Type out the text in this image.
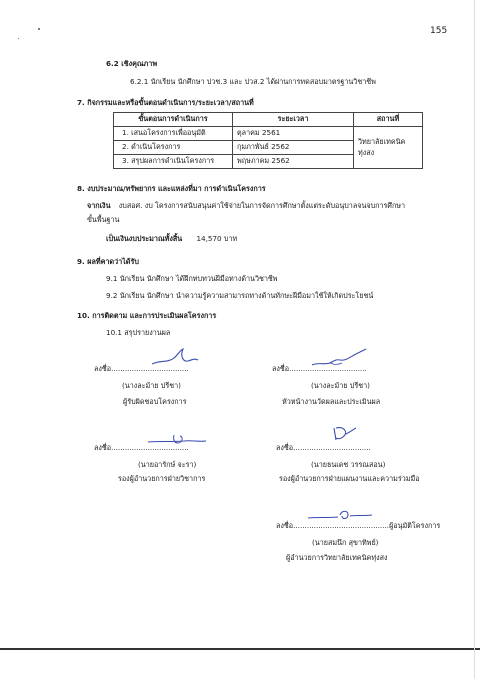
155
6.2 เชิงคุณภาพ
6.2.1 นักเรียน นักศึกษา ปวช.3 และ ปวส.2 ได้ผ่านการทดสอบมาตรฐานวิชาชีพ
7. กิจกรรมและหรือขั้นตอนดำเนินการ/ระยะเวลา/สถานที่
ขั้นตอนการดำเนินการ	ระยะเวลา	สถานที่
1. เสนอโครงการเพื่ออนุมัติ	ตุลาคม 2561	วิทยาลัยเทคนิคทุ่งสง
2. ดำเนินโครงการ	กุมภาพันธ์ 2562	
3. สรุปผลการดำเนินโครงการ	พฤษภาคม 2562	
8. งบประมาณ/ทรัพยากร และแหล่งที่มา การดำเนินโครงการ
จากเงิน งบสอศ. งบ โครงการสนับสนุนค่าใช้จ่ายในการจัดการศึกษาตั้งแต่ระดับอนุบาลจนจบการศึกษา
ขั้นพื้นฐาน
เป็นเงินงบประมาณทั้งสิ้น 14,570 บาท
9. ผลที่คาดว่าได้รับ
9.1 นักเรียน นักศึกษา ได้ฝึกทบทวนฝีมือทางด้านวิชาชีพ
9.2 นักเรียน นักศึกษา นำความรู้ความสามารถทางด้านทักษะฝีมือมาใช้ให้เกิดประโยชน์
10. การติดตาม และการประเมินผลโครงการ
10.1 สรุปรายงานผล
ลงชื่อ..................................
(นางละม้าย ปรีชา)
ผู้รับผิดชอบโครงการ
ลงชื่อ..................................
(นางละม้าย ปรีชา)
หัวหน้างานวัดผลและประเมินผล
ลงชื่อ..................................
(นายอารักษ์ จะรา)
รองผู้อำนวยการฝ่ายวิชาการ
ลงชื่อ..................................
(นายธนเดช วรรณสอน)
รองผู้อำนวยการฝ่ายแผนงานและความร่วมมือ
ลงชื่อ..........................................ผู้อนุมัติโครงการ
(นายสมนึก สุขาทิพย์)
ผู้อำนวยการวิทยาลัยเทคนิคทุ่งสง
